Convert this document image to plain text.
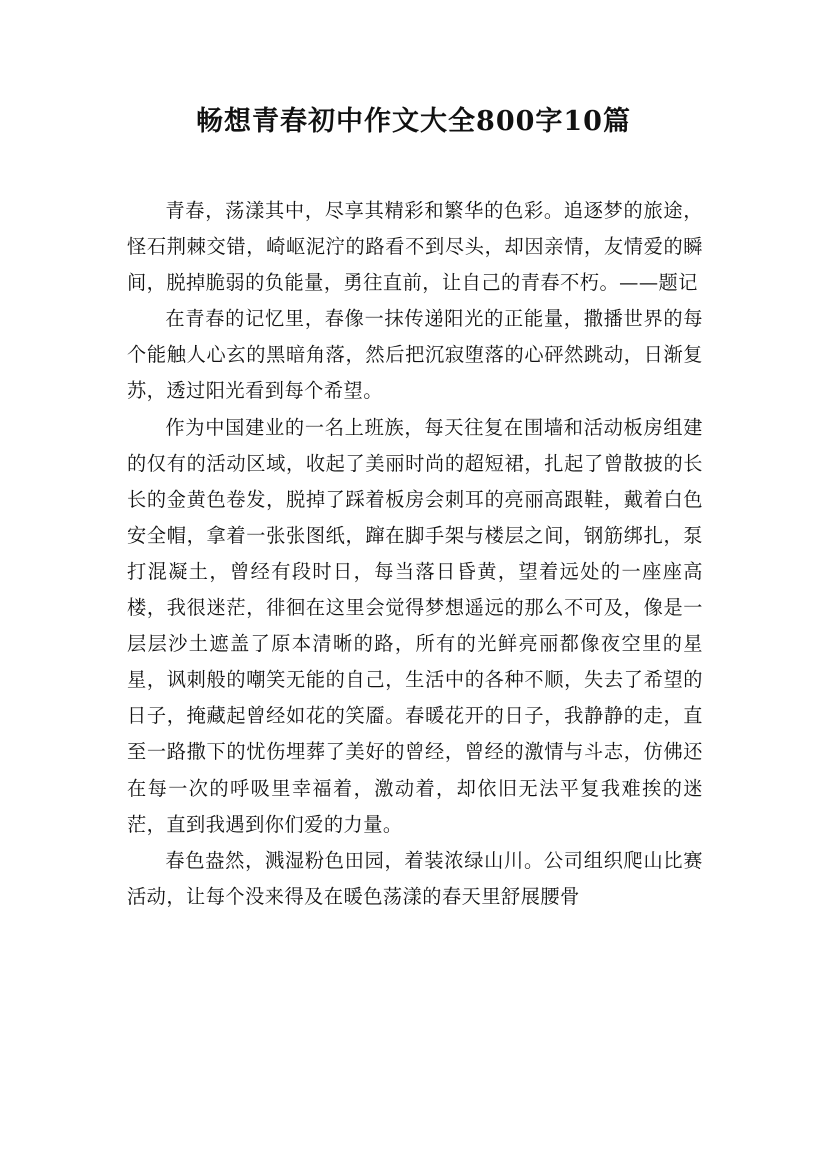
畅想青春初中作文大全800字10篇

青春，荡漾其中，尽享其精彩和繁华的色彩。追逐梦的旅途，怪石荆棘交错，崎岖泥泞的路看不到尽头，却因亲情，友情爱的瞬间，脱掉脆弱的负能量，勇往直前，让自己的青春不朽。——题记

在青春的记忆里，春像一抹传递阳光的正能量，撒播世界的每个能触人心玄的黑暗角落，然后把沉寂堕落的心砰然跳动，日渐复苏，透过阳光看到每个希望。

作为中国建业的一名上班族，每天往复在围墙和活动板房组建的仅有的活动区域，收起了美丽时尚的超短裙，扎起了曾散披的长长的金黄色卷发，脱掉了踩着板房会刺耳的亮丽高跟鞋，戴着白色安全帽，拿着一张张图纸，蹿在脚手架与楼层之间，钢筋绑扎，泵打混凝土，曾经有段时日，每当落日昏黄，望着远处的一座座高楼，我很迷茫，徘徊在这里会觉得梦想遥远的那么不可及，像是一层层沙土遮盖了原本清晰的路，所有的光鲜亮丽都像夜空里的星星，讽刺般的嘲笑无能的自己，生活中的各种不顺，失去了希望的日子，掩藏起曾经如花的笑靥。春暖花开的日子，我静静的走，直至一路撒下的忧伤埋葬了美好的曾经，曾经的激情与斗志，仿佛还在每一次的呼吸里幸福着，激动着，却依旧无法平复我难挨的迷茫，直到我遇到你们爱的力量。

春色盎然，溅湿粉色田园，着装浓绿山川。公司组织爬山比赛活动，让每个没来得及在暖色荡漾的春天里舒展腰骨
